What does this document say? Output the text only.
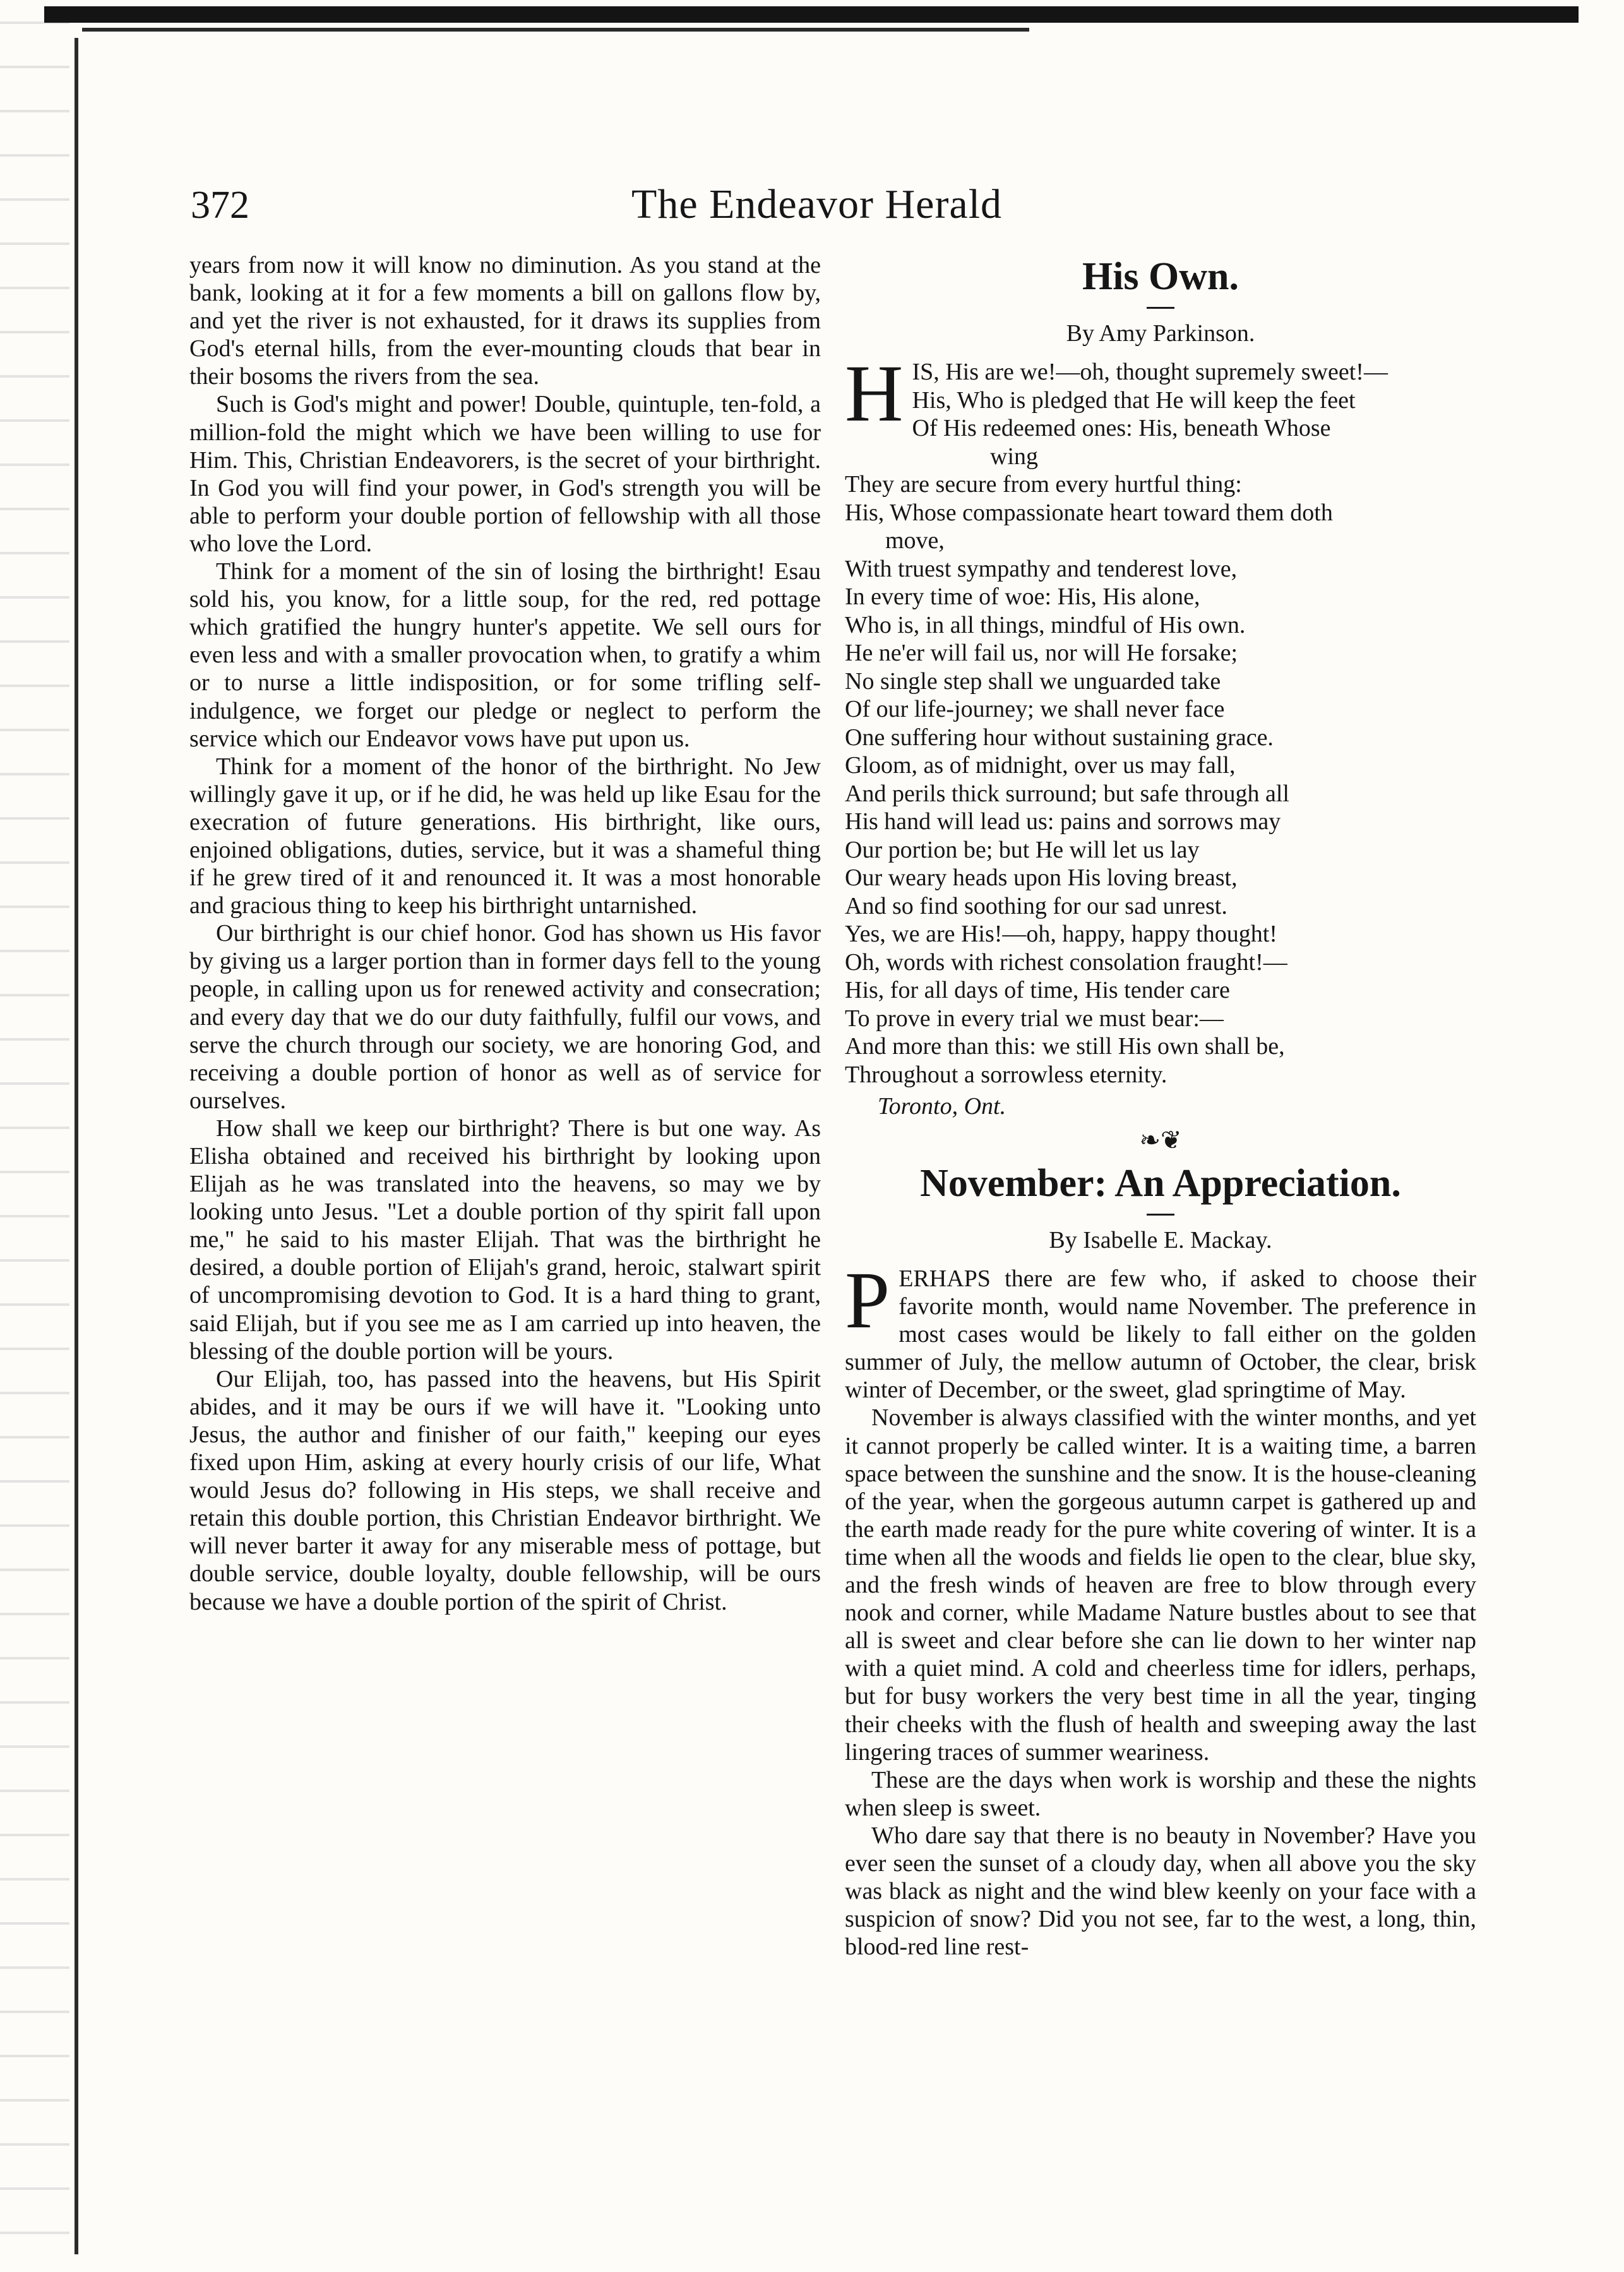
372	The Endeavor Herald

years from now it will know no diminution. As you stand at the bank, looking at it for a few moments a bill on gallons flow by, and yet the river is not exhausted, for it draws its supplies from God's eternal hills, from the ever-mounting clouds that bear in their bosoms the rivers from the sea.

Such is God's might and power! Double, quintuple, ten-fold, a million-fold the might which we have been willing to use for Him. This, Christian Endeavorers, is the secret of your birthright. In God you will find your power, in God's strength you will be able to perform your double portion of fellowship with all those who love the Lord.

Think for a moment of the sin of losing the birthright! Esau sold his, you know, for a little soup, for the red, red pottage which gratified the hungry hunter's appetite. We sell ours for even less and with a smaller provocation when, to gratify a whim or to nurse a little indisposition, or for some trifling self-indulgence, we forget our pledge or neglect to perform the service which our Endeavor vows have put upon us.

Think for a moment of the honor of the birthright. No Jew willingly gave it up, or if he did, he was held up like Esau for the execration of future generations. His birthright, like ours, enjoined obligations, duties, service, but it was a shameful thing if he grew tired of it and renounced it. It was a most honorable and gracious thing to keep his birthright untarnished.

Our birthright is our chief honor. God has shown us His favor by giving us a larger portion than in former days fell to the young people, in calling upon us for renewed activity and consecration; and every day that we do our duty faithfully, fulfil our vows, and serve the church through our society, we are honoring God, and receiving a double portion of honor as well as of service for ourselves.

How shall we keep our birthright? There is but one way. As Elisha obtained and received his birthright by looking upon Elijah as he was translated into the heavens, so may we by looking unto Jesus. "Let a double portion of thy spirit fall upon me," he said to his master Elijah. That was the birthright he desired, a double portion of Elijah's grand, heroic, stalwart spirit of uncompromising devotion to God. It is a hard thing to grant, said Elijah, but if you see me as I am carried up into heaven, the blessing of the double portion will be yours.

Our Elijah, too, has passed into the heavens, but His Spirit abides, and it may be ours if we will have it. "Looking unto Jesus, the author and finisher of our faith," keeping our eyes fixed upon Him, asking at every hourly crisis of our life, What would Jesus do? following in His steps, we shall receive and retain this double portion, this Christian Endeavor birthright. We will never barter it away for any miserable mess of pottage, but double service, double loyalty, double fellowship, will be ours because we have a double portion of the spirit of Christ.

His Own.
By Amy Parkinson.
H IS, His are we!—oh, thought supremely sweet!—
His, Who is pledged that He will keep the feet
Of His redeemed ones: His, beneath Whose
wing
They are secure from every hurtful thing:
His, Whose compassionate heart toward them doth
move,
With truest sympathy and tenderest love,
In every time of woe: His, His alone,
Who is, in all things, mindful of His own.
He ne'er will fail us, nor will He forsake;
No single step shall we unguarded take
Of our life-journey; we shall never face
One suffering hour without sustaining grace.
Gloom, as of midnight, over us may fall,
And perils thick surround; but safe through all
His hand will lead us: pains and sorrows may
Our portion be; but He will let us lay
Our weary heads upon His loving breast,
And so find soothing for our sad unrest.
Yes, we are His!—oh, happy, happy thought!
Oh, words with richest consolation fraught!—
His, for all days of time, His tender care
To prove in every trial we must bear:—
And more than this: we still His own shall be,
Throughout a sorrowless eternity.
Toronto, Ont.
❧❦
November: An Appreciation.
By Isabelle E. Mackay.

PERHAPS there are few who, if asked to choose their favorite month, would name November. The preference in most cases would be likely to fall either on the golden summer of July, the mellow autumn of October, the clear, brisk winter of December, or the sweet, glad springtime of May.

November is always classified with the winter months, and yet it cannot properly be called winter. It is a waiting time, a barren space between the sunshine and the snow. It is the house-cleaning of the year, when the gorgeous autumn carpet is gathered up and the earth made ready for the pure white covering of winter. It is a time when all the woods and fields lie open to the clear, blue sky, and the fresh winds of heaven are free to blow through every nook and corner, while Madame Nature bustles about to see that all is sweet and clear before she can lie down to her winter nap with a quiet mind. A cold and cheerless time for idlers, perhaps, but for busy workers the very best time in all the year, tinging their cheeks with the flush of health and sweeping away the last lingering traces of summer weariness.

These are the days when work is worship and these the nights when sleep is sweet.

Who dare say that there is no beauty in November? Have you ever seen the sunset of a cloudy day, when all above you the sky was black as night and the wind blew keenly on your face with a suspicion of snow? Did you not see, far to the west, a long, thin, blood-red line rest-
